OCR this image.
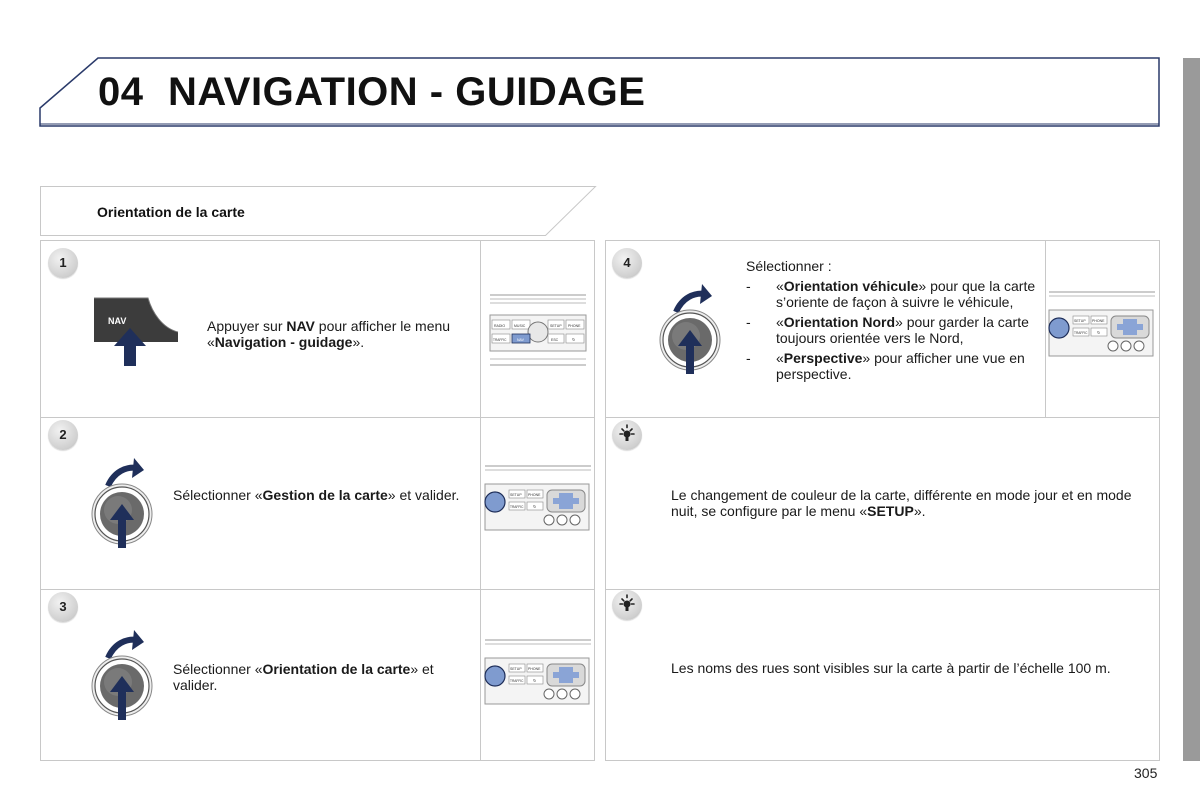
04 NAVIGATION - GUIDAGE
Orientation de la carte
1
NAV	Appuyer sur NAV pour afficher le menu «Navigation - guidage».
RADIO	MUSIC	SETUP PHONE
TRAFFIC	NAV	ESC	↻
2
Sélectionner «Gestion de la carte» et valider.	SETUP PHONE
TRAFFIC ↻
3
Sélectionner «Orientation de la carte» et valider.
SETUP PHONE
TRAFFIC ↻
4	Sélectionner :
- «Orientation véhicule» pour que la carte s’oriente de façon à suivre le véhicule,
- «Orientation Nord» pour garder la carte toujours orientée vers le Nord,
- «Perspective» pour afficher une vue en perspective.
SETUP PHONE
TRAFFIC ↻
Le changement de couleur de la carte, différente en mode jour et en mode nuit, se configure par le menu «SETUP».
Les noms des rues sont visibles sur la carte à partir de l’échelle 100 m.
305
